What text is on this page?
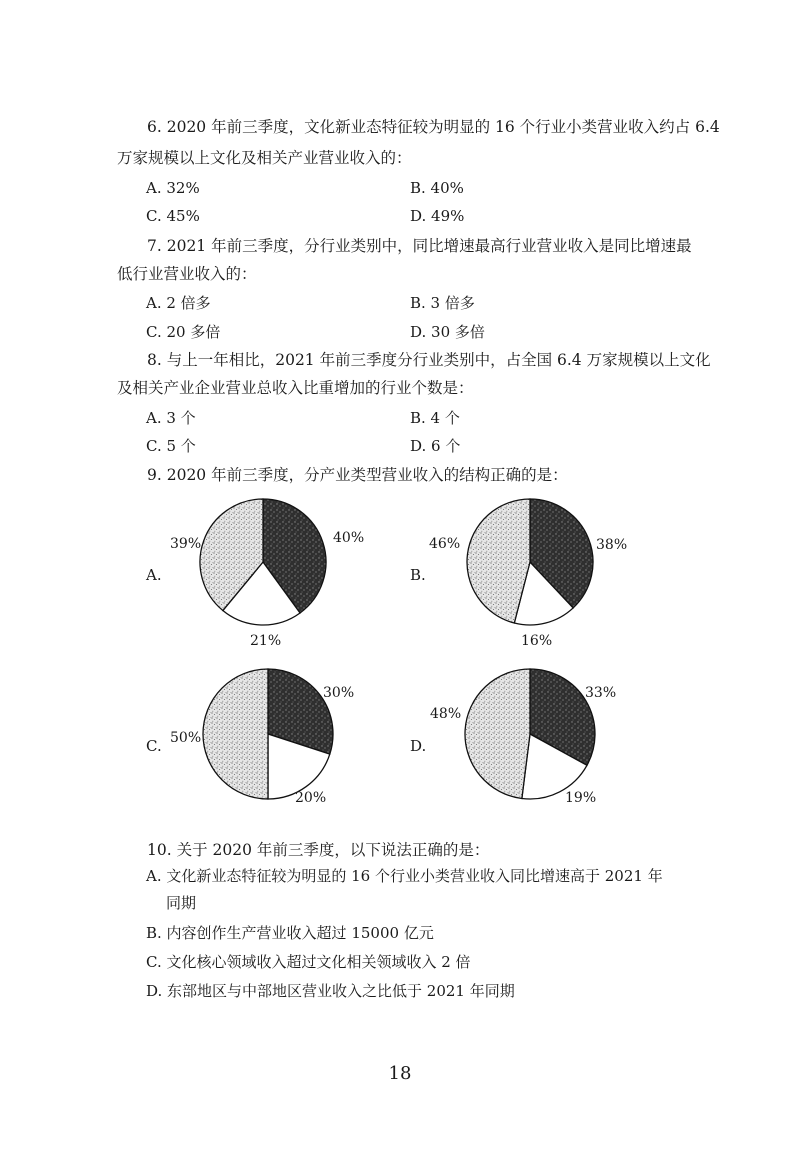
6. 2020 年前三季度，文化新业态特征较为明显的 16 个行业小类营业收入约占 6.4
万家规模以上文化及相关产业营业收入的：
A. 32%	B. 40%
C. 45%	D. 49%
7. 2021 年前三季度，分行业类别中，同比增速最高行业营业收入是同比增速最
低行业营业收入的：
A. 2 倍多	B. 3 倍多
C. 20 多倍	D. 30 多倍
8. 与上一年相比，2021 年前三季度分行业类别中，占全国 6.4 万家规模以上文化
及相关产业企业营业总收入比重增加的行业个数是：
A. 3 个	B. 4 个
C. 5 个	D. 6 个
9. 2020 年前三季度，分产业类型营业收入的结构正确的是：
A.	B.
C.	D.
40%
21%
39%	38%
16%
46%
30%
20%
50%
33%
19%
48%
10. 关于 2020 年前三季度，以下说法正确的是：
A. 文化新业态特征较为明显的 16 个行业小类营业收入同比增速高于 2021 年
同期
B. 内容创作生产营业收入超过 15000 亿元
C. 文化核心领域收入超过文化相关领域收入 2 倍
D. 东部地区与中部地区营业收入之比低于 2021 年同期
18
